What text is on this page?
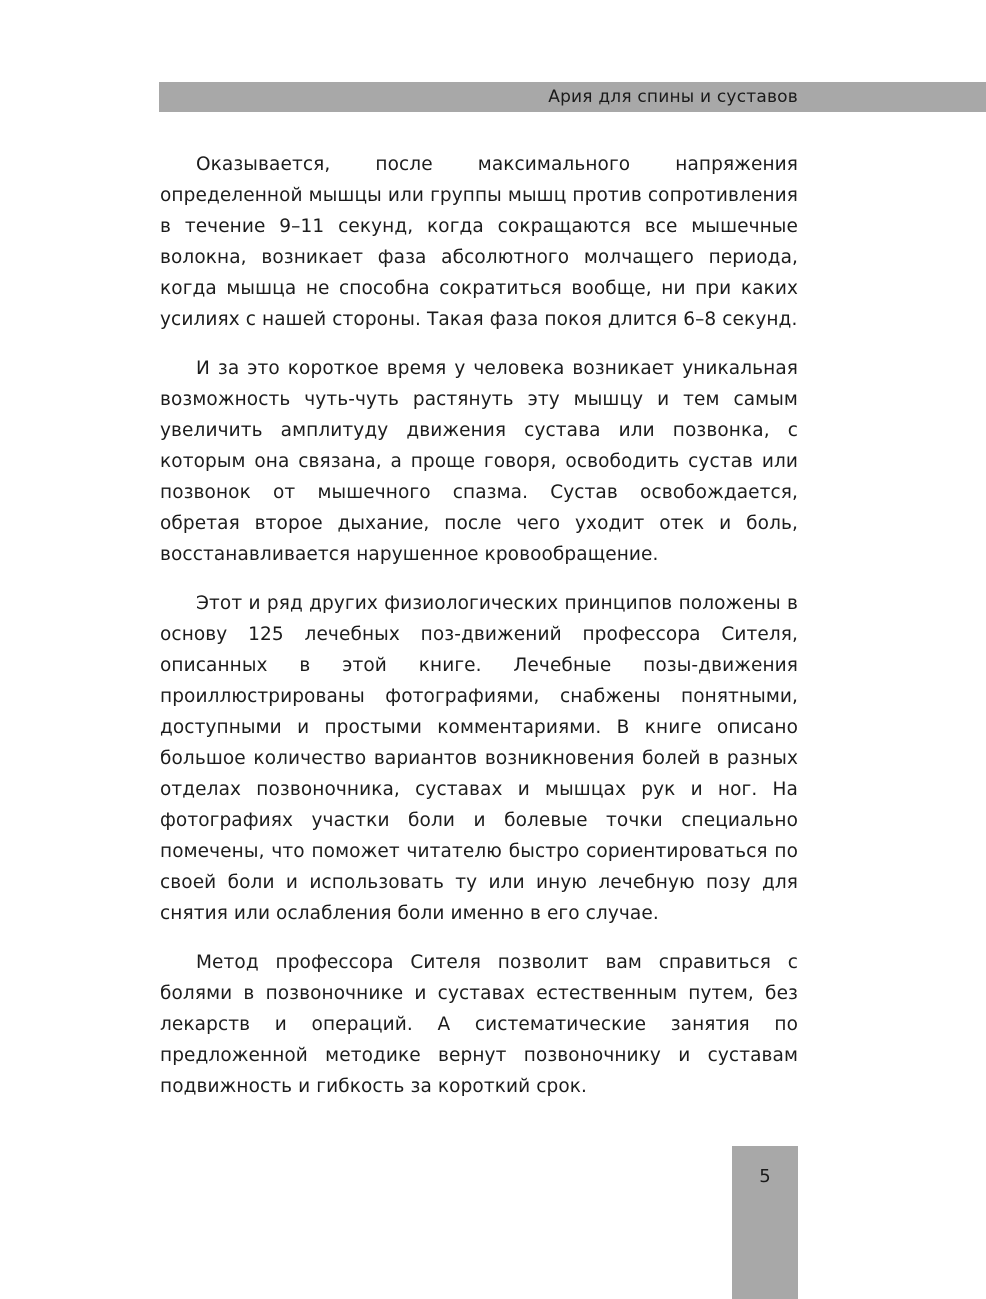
Ария для спины и суставов

Оказывается, после максимального напряжения определенной мышцы или группы мышц против сопротивления в течение 9–11 секунд, когда сокращаются все мышечные волокна, возникает фаза абсолютного молчащего периода, когда мышца не способна сократиться вообще, ни при каких усилиях с нашей стороны. Такая фаза покоя длится 6–8 секунд.

И за это короткое время у человека возникает уникальная возможность чуть-чуть растянуть эту мышцу и тем самым увеличить амплитуду движения сустава или позвонка, с которым она связана, а проще говоря, освободить сустав или позвонок от мышечного спазма. Сустав освобождается, обретая второе дыхание, после чего уходит отек и боль, восстанавливается нарушенное кровообращение.

Этот и ряд других физиологических принципов положены в основу 125 лечебных поз-движений профессора Сителя, описанных в этой книге. Лечебные позы-движения проиллюстрированы фотографиями, снабжены понятными, доступными и простыми комментариями. В книге описано большое количество вариантов возникновения болей в разных отделах позвоночника, суставах и мышцах рук и ног. На фотографиях участки боли и болевые точки специально помечены, что поможет читателю быстро сориентироваться по своей боли и использовать ту или иную лечебную позу для снятия или ослабления боли именно в его случае.

Метод профессора Сителя позволит вам справиться с болями в позвоночнике и суставах естественным путем, без лекарств и операций. А систематические занятия по предложенной методике вернут позвоночнику и суставам подвижность и гибкость за короткий срок.

5
